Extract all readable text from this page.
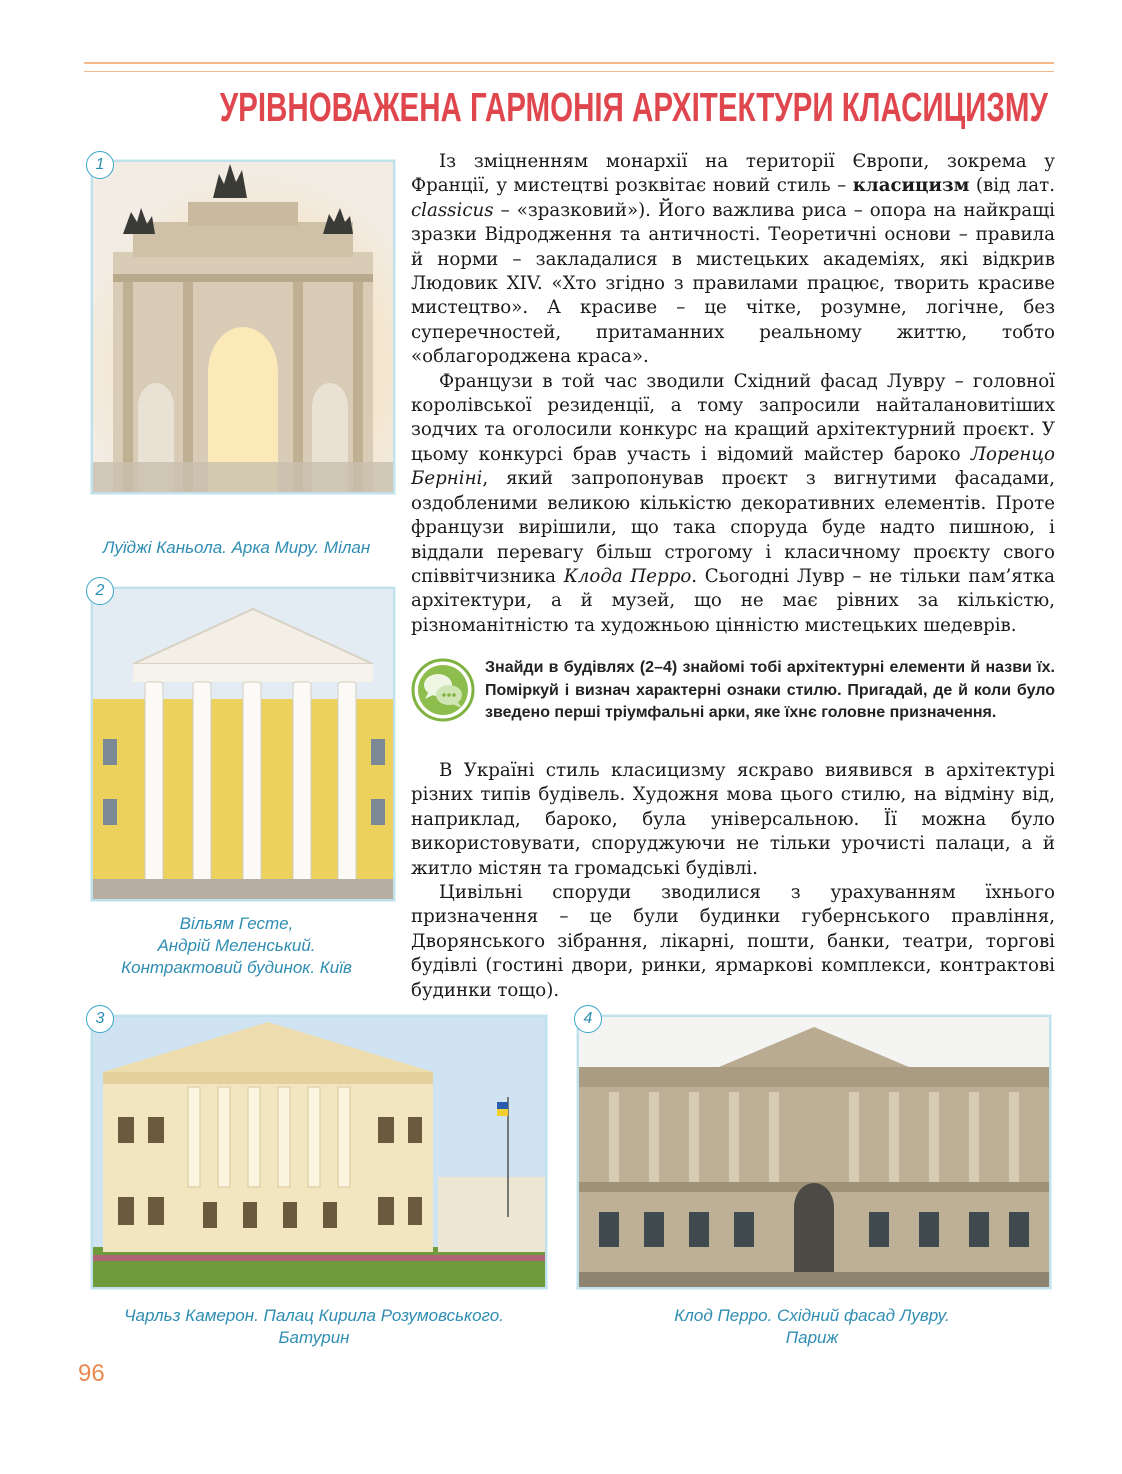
УРІВНОВАЖЕНА ГАРМОНІЯ АРХІТЕКТУРИ КЛАСИЦИЗМУ
1
Луїджі Каньола. Арка Миру. Мілан
2
Вільям Гесте,
Андрій Меленський.
Контрактовий будинок. Київ

Із зміцненням монархії на території Європи, зокрема у Франції, у мистецтві розквітає новий стиль – класицизм (від лат. classicus – «зразковий»). Його важлива риса – опора на найкращі зразки Відродження та античності. Теоретичні основи – правила й норми – закладалися в мистецьких академіях, які відкрив Людовик XIV. «Хто згідно з правилами працює, творить красиве мистецтво». А красиве – це чітке, розумне, логічне, без суперечностей, притаманних реальному життю, тобто «облагороджена краса».

Французи в той час зводили Східний фасад Лувру – головної королівської резиденції, а тому запросили найталановитіших зодчих та оголосили конкурс на кращий архітектурний проєкт. У цьому конкурсі брав участь і відомий майстер бароко Лоренцо Берніні, який запропонував проєкт з вигнутими фасадами, оздобленими великою кількістю декоративних елементів. Проте французи вирішили, що така споруда буде надто пишною, і віддали перевагу більш строгому і класичному проєкту свого співвітчизника Клода Перро. Сьогодні Лувр – не тільки пам’ятка архітектури, а й музей, що не має рівних за кількістю, різноманітністю та художньою цінністю мистецьких шедеврів.

Знайди в будівлях (2–4) знайомі тобі архітектурні елементи й назви їх. Поміркуй і визнач характерні ознаки стилю. Пригадай, де й коли було зведено перші тріумфальні арки, яке їхнє головне призначення.

В Україні стиль класицизму яскраво виявився в архітектурі різних типів будівель. Художня мова цього стилю, на відміну від, наприклад, бароко, була універсальною. Її можна було використовувати, споруджуючи не тільки урочисті палаци, а й житло містян та громадські будівлі.

Цивільні споруди зводилися з урахуванням їхнього призначення – це були будинки губернського правління, Дворянського зібрання, лікарні, пошти, банки, театри, торгові будівлі (гостині двори, ринки, ярмаркові комплекси, контрактові будинки тощо).

3
Чарльз Камерон. Палац Кирила Розумовського.
Батурин
4
Клод Перро. Східний фасад Лувру.
Париж
96
